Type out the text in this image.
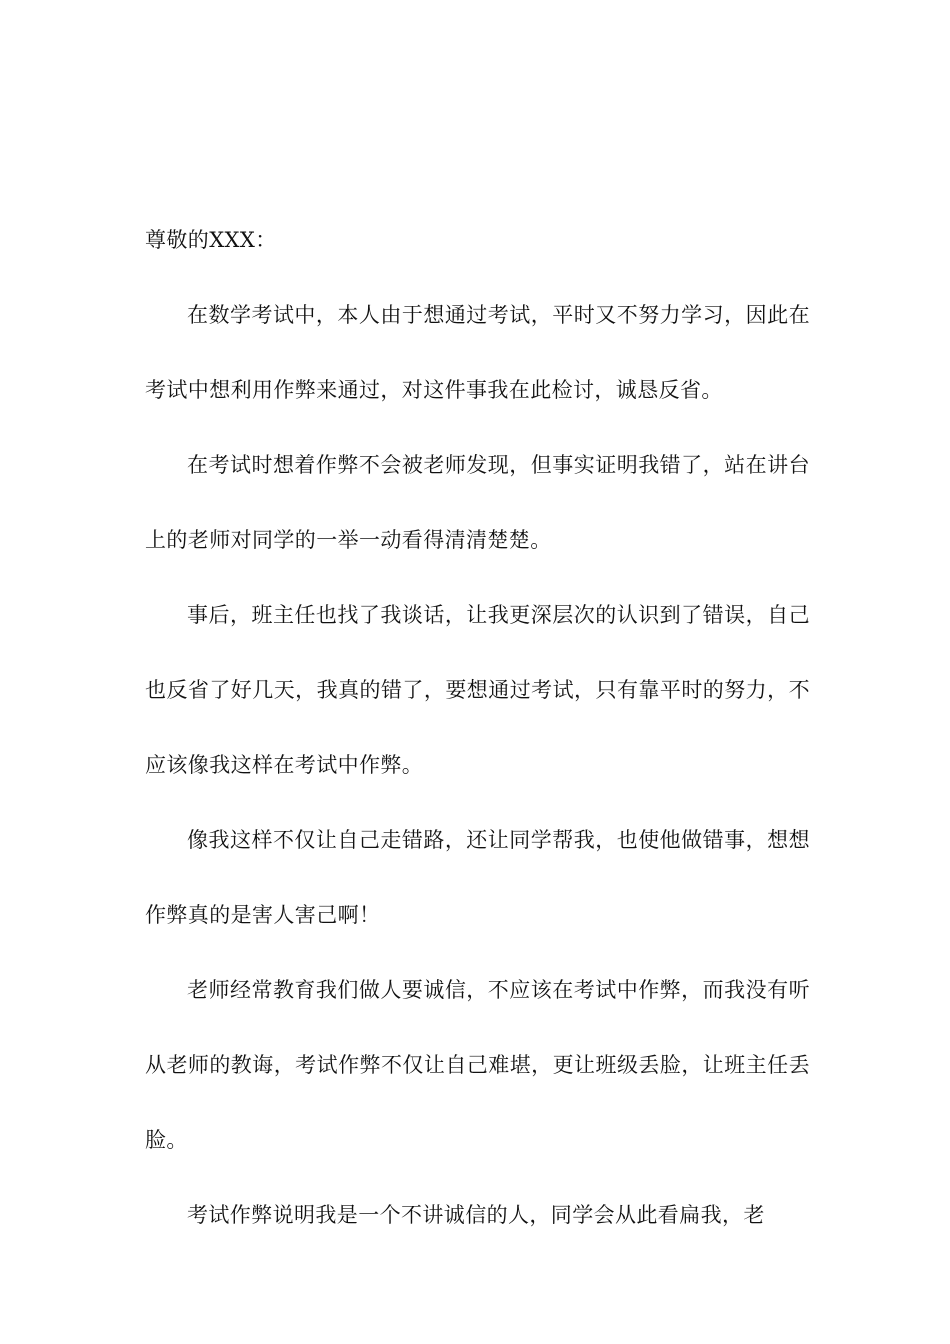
尊敬的XXX：

在数学考试中，本人由于想通过考试，平时又不努力学习，因此在考试中想利用作弊来通过，对这件事我在此检讨，诚恳反省。

在考试时想着作弊不会被老师发现，但事实证明我错了，站在讲台上的老师对同学的一举一动看得清清楚楚。

事后，班主任也找了我谈话，让我更深层次的认识到了错误，自己也反省了好几天，我真的错了，要想通过考试，只有靠平时的努力，不应该像我这样在考试中作弊。

像我这样不仅让自己走错路，还让同学帮我，也使他做错事，想想作弊真的是害人害己啊！

老师经常教育我们做人要诚信，不应该在考试中作弊，而我没有听从老师的教诲，考试作弊不仅让自己难堪，更让班级丢脸，让班主任丢脸。

考试作弊说明我是一个不讲诚信的人，同学会从此看扁我，老
